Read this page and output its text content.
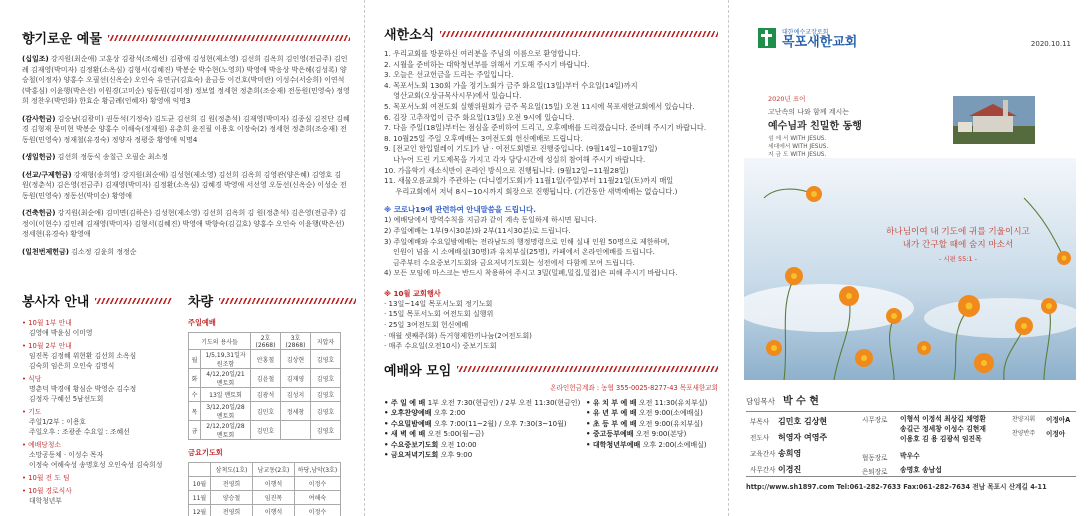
향기로운 예물
(십일조) 강지원(최순애) 고훈상 김광석(조혜선) 김광애 김성현(제소영) 김선희 김옥희 김인영(전금주) 김인례 김재영(박미자) 김정환(소옥심) 김형서(김혜진) 박봉순 박수현(노영희) 박영애 박응상 박은해(김성록) 양승철(이정자) 양홍수 오필선(신옥순) 오인숙 유연규(김효숙) 윤금동 이건호(박미란) 이성수(서승희) 이연석(박홍심) 이윤행(박은선) 이원경(고미순) 임동원(김미정) 정보열 정세현 정춘희(조승재) 전동원(민영숙) 정영희 정찬우(박민화) 한효순 황금례(인혜자) 황영애 익명3
(감사헌금) 김승남(김광미) 권동석(기정숙) 김도균 김선희 김 원(정춘석) 김재영(박미자) 김종심 김진단 김혜경 김형재 문미현 박봉순 양홍수 이해숙(정재원) 유춘희 윤진필 이용호 이장숙(2) 정세현 정춘희(조승재) 전동원(민영숙) 정재철(유경숙) 정양자 정평중 황영애 익명4
(생일헌금) 김선희 정동식 송칠근 오필순 최소정
(선교/구제헌금) 강재형(송희영) 강지원(최순애) 김성현(제소영) 김선희 김옥희 김영관(양은혜) 김영호 김 원(정춘석) 김은영(전금주) 김재영(박미자) 김정환(소옥심) 김혜경 박영애 서선영 오동선(신옥순) 이성순 전동원(민영숙) 정동선(박미순) 황영애
(건축헌금) 강지원(최순애) 김미면(김하은) 김성현(제소영) 김선희 김옥희 김 원(정춘석) 김은영(전금주) 김정이(이현수) 김인례 김재영(박미자) 김형서(김혜진) 박영애 박향숙(김길호) 양홍수 오인숙 이윤행(박은선) 정세현(유경숙) 황영애
(일천번제헌금) 김소정 김윤희 정정순
봉사자 안내
• 10월 1부 안내
김영애 박윤심 이미영
• 10월 2부 안내
임진목 김정혜 위현환 김선희 소옥심
김숙희 임은희 오인숙 김명식
• 식당
명춘덕 박경애 황심순 박영순 김수정
김정자 구혜선 5남선도회
• 기도
주일1/2부 : 이용호
주일오후 : 조광준 수요일 : 조혜선
• 예배당청소
소망공동체 · 이성수 목자
이정숙 여해숙성 송명호성 오인숙성 김숙희성
• 10월 전 도 팀
• 10월 경로식사
대학청년부
차량
주일예배
기도의 용사들		2호(2668)	3호(2868)	지압자
월	1/5,19,31일자 원조함	안홍철	김상현	김영호
화	4/12,20일/21 멘토회	김윤철	김재영	김영호
수	13일 멘토회	김광석	김성지	김영호
목	3/12,20일/28 멘토회	김민호	정세창	김영호
금	2/12,20일/28 멘토회	김민호		김영호
금요기도회
	삼척도(1호)	남교동(2호)	하당,남악(3호)
10월	전영희	이행석	이정수
11월	양승철	임진목	여해숙
12월	전영희	이행석	이정수
새한소식
1. 우리교회를 방문하신 여러분을 주님의 이름으로 환영합니다.
2. 시월을 준비하는 대학청년부를 위해서 기도해 주시기 바랍니다.
3. 오늘은 선교헌금을 드리는 주일입니다.
4. 목포서노회 130회 가을 정기노회가 금주 화요일(13일)부터 수요일(14일)까지
영산교회(오상규목사시무)에서 있습니다.
5. 목포서노회 여전도회 실행위원회가 금주 목요일(15일) 오전 11시에 목포새한교회에서 있습니다.
6. 김장 고추작업이 금주 화요일(13일) 오전 9시에 있습니다.
7. 다음 주일(18일)부터는 점심을 준비하여 드리고, 오후예배를 드리겠습니다. 준비해 주시기 바랍니다.
8. 10월25일 주일 오후예배는 3여전도회 헌신예배로 드립니다.
9. [전교인 한입릴레이 기도]가 남 · 여전도회별로 진행중입니다. (9월14일~10월17일)
나누어 드린 기도제목을 가지고 각자 담당시간에 성실히 참여해 주시기 바랍니다.
10. 가을학기 새소식반이 온라인 방식으로 진행됩니다. (9월12일~11월28일)
11. 새물오름교회가 주관하는 (다니엘기도회)가 11월1일(주일)부터 11월21일(토)까지 매일
우리교회에서 저녁 8시~10시까지 회장으로 진행됩니다. (기간동안 새벽예배는 없습니다.)
※ 코로나19에 관련하여 안내말씀을 드립니다.
1) 예배당에서 방역수칙을 지금과 같이 계속 동일하게 하시면 됩니다.
2) 주일예배는 1부(9시30분)와 2부(11시30분)로 드립니다.
3) 주일예배와 수요일밤예배는 전라남도의 행정명령으로 인해 실내 인원 50명으로 제한하며,
인원이 넘을 시 소예배실(30명)과 유치부실(25명), 카페에서 온라인예배를 드립니다.
금주부터 수요중보기도회와 금요저녁기도회는 성전에서 다함께 모여 드립니다.
4) 모든 모임에 마스크는 반드시 착용하여 주시고 3밀(밀폐,밀집,밀접)은 피해 주시기 바랍니다.
※ 10월 교회행사
· 13일~14일 목포서노회 정기노회
· 15일 목포서노회 여전도회 실행위
· 25일 3여전도회 헌신예배
· 매월 셋째주(화) 독거형제한끼나눔(2여전도회)
· 매주 수요일(오전10시) 중보기도회
예배와 모임
온라인헌금계좌 : 농협 355-0025-8277-43 목포새한교회
• 주 일 예 배 1부 오전 7:30(현금인) / 2부 오전 11:30(현금인)
• 오후찬양예배 오후 2:00
• 수요밀밤예배 오후 7:00(11~2월) / 오후 7:30(3~10월)
• 새 벽 예 배 오전 5:00(월~금)
• 수요중보기도회 오전 10:00
• 금요저녁기도회 오후 9:00
• 유 치 부 예 배 오전 11:30(유치부실)
• 유 년 부 예 배 오전 9:00(소예배실)
• 초 등 부 예 배 오전 9:00(유치부실)
• 중고등부예배 오전 9:00(본당)
• 대학청년부예배 오후 2:00(소예배실)
대한예수교장로회
목포새한교회	2020.10.11
2020년 표어
고난속의 나와 함께 계시는
예수님과 친밀한 동행
섬 에 서 WITH JESUS.
세대에서 WITH JESUS.
지 금 도 WITH JESUS.
하나님이여 내 기도에 귀를 기울이시고
내가 간구할 때에 숨지 마소서
- 시편 55:1 -
담임목사 박 수 현
부목사 김민호 김상현
전도사 허영자 여영주
교육간사 송희영
사무간사 이경진
시무장로	이형석 이정석 최상길 채영환
송길근 정세창 이성수 김현재
이용호 김 용 김광석 임진목
협동장로 박우수
은퇴장로 송명호 송남섭
찬양지휘 이정아A
찬양반주 이정아
http://www.sh1897.com Tel:061-282-7633 Fax:061-282-7634 전남 목포시 산계길 4-11
